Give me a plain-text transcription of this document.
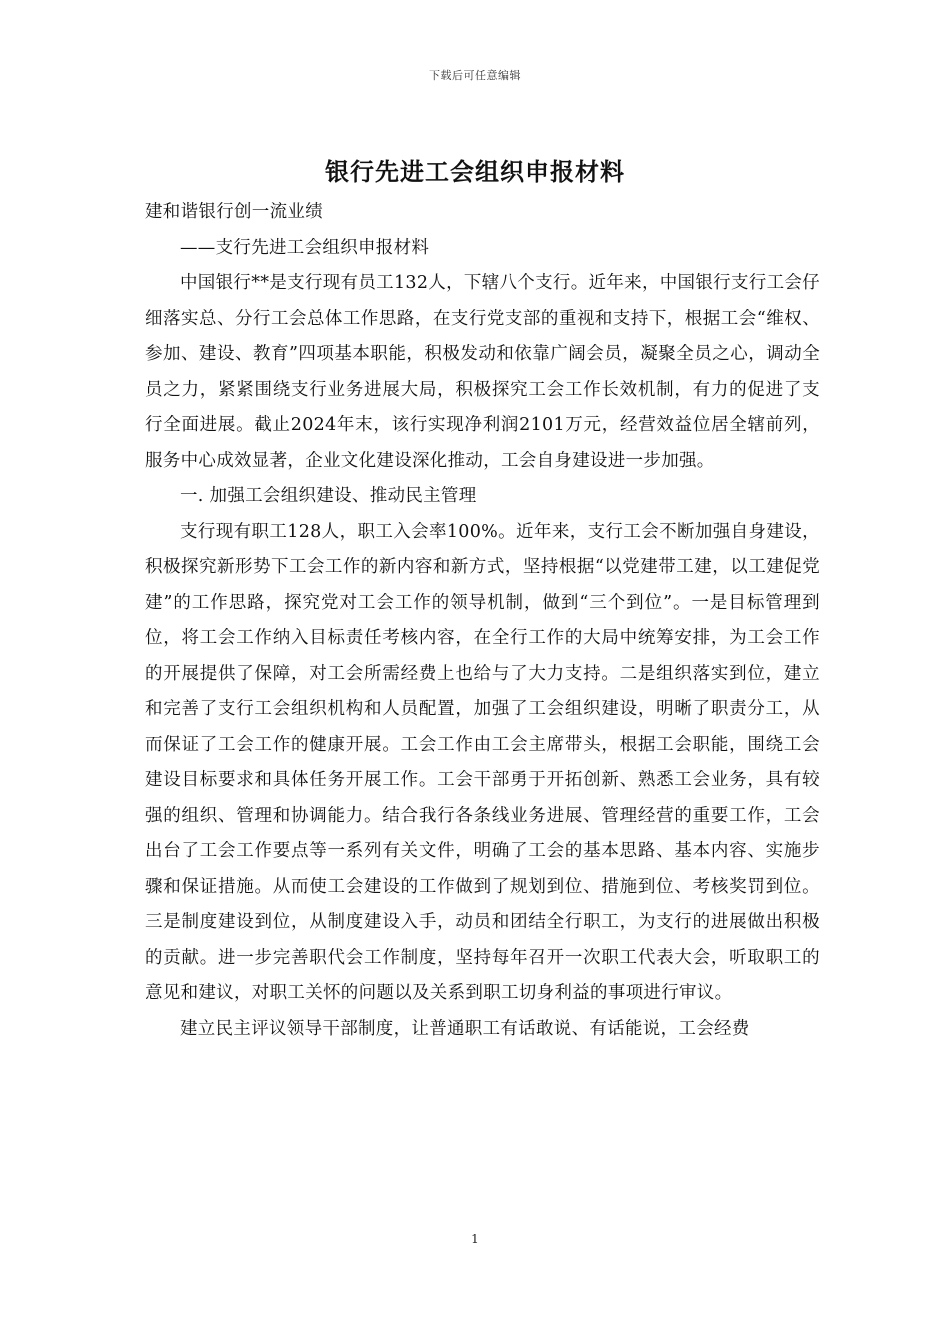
下载后可任意编辑
银行先进工会组织申报材料

建和谐银行创一流业绩

——支行先进工会组织申报材料

中国银行**是支行现有员工132人，下辖八个支行。近年来，中国银行支行工会仔细落实总、分行工会总体工作思路，在支行党支部的重视和支持下，根据工会“维权、参加、建设、教育”四项基本职能，积极发动和依靠广阔会员，凝聚全员之心，调动全员之力，紧紧围绕支行业务进展大局，积极探究工会工作长效机制，有力的促进了支行全面进展。截止2024年末，该行实现净利润2101万元，经营效益位居全辖前列，服务中心成效显著，企业文化建设深化推动，工会自身建设进一步加强。

一. 加强工会组织建设、推动民主管理

支行现有职工128人，职工入会率100%。近年来，支行工会不断加强自身建设，积极探究新形势下工会工作的新内容和新方式，坚持根据“以党建带工建，以工建促党建”的工作思路，探究党对工会工作的领导机制，做到“三个到位”。一是目标管理到位，将工会工作纳入目标责任考核内容，在全行工作的大局中统筹安排，为工会工作的开展提供了保障，对工会所需经费上也给与了大力支持。二是组织落实到位，建立和完善了支行工会组织机构和人员配置，加强了工会组织建设，明晰了职责分工，从而保证了工会工作的健康开展。工会工作由工会主席带头，根据工会职能，围绕工会建设目标要求和具体任务开展工作。工会干部勇于开拓创新、熟悉工会业务，具有较强的组织、管理和协调能力。结合我行各条线业务进展、管理经营的重要工作，工会出台了工会工作要点等一系列有关文件，明确了工会的基本思路、基本内容、实施步骤和保证措施。从而使工会建设的工作做到了规划到位、措施到位、考核奖罚到位。三是制度建设到位，从制度建设入手，动员和团结全行职工，为支行的进展做出积极的贡献。进一步完善职代会工作制度，坚持每年召开一次职工代表大会，听取职工的意见和建议，对职工关怀的问题以及关系到职工切身利益的事项进行审议。

建立民主评议领导干部制度，让普通职工有话敢说、有话能说，工会经费

1
